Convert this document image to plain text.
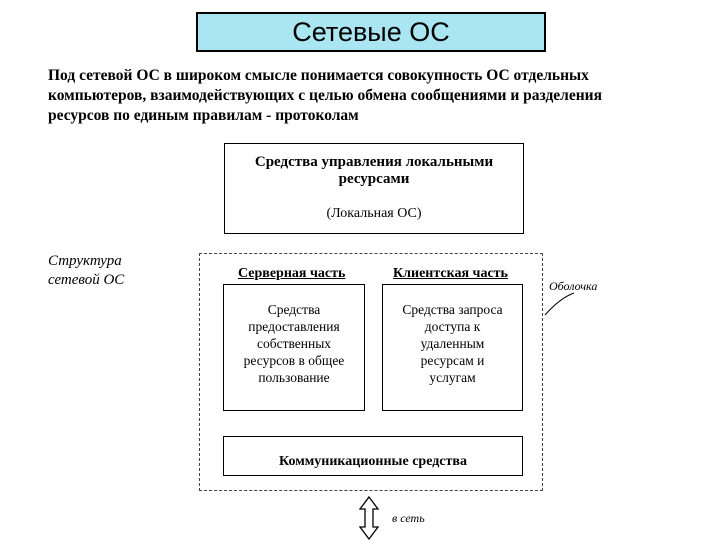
Сетевые ОС
Под сетевой ОС в широком смысле понимается совокупность ОС отдельных
компьютеров, взаимодействующих с целью обмена сообщениями и разделения
ресурсов по единым правилам - протоколам
Средства управления локальными
ресурсами
(Локальная ОС)
Структура
сетевой ОС	Серверная часть	Клиентская часть
Оболочка
Средства
предоставления
собственных
ресурсов в общее
пользование
Средства запроса
доступа к
удаленным
ресурсам и
услугам
Коммуникационные средства
в сеть
